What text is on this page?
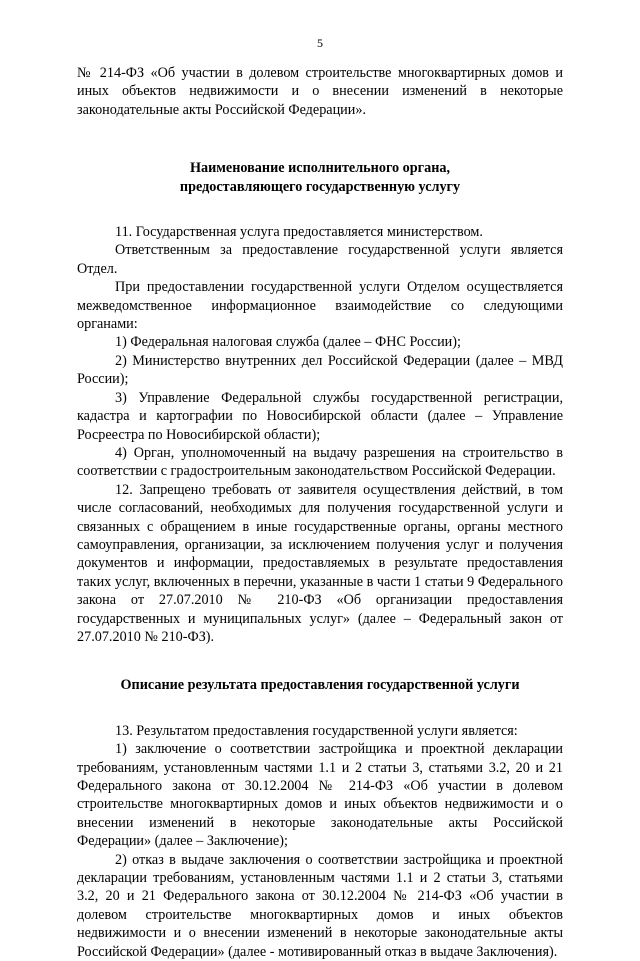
5

№ 214-ФЗ «Об участии в долевом строительстве многоквартирных домов и иных объектов недвижимости и о внесении изменений в некоторые законодательные акты Российской Федерации».

Наименование исполнительного органа,
предоставляющего государственную услугу

11. Государственная услуга предоставляется министерством.

Ответственным за предоставление государственной услуги является Отдел.

При предоставлении государственной услуги Отделом осуществляется межведомственное информационное взаимодействие со следующими органами:

1) Федеральная налоговая служба (далее – ФНС России);

2) Министерство внутренних дел Российской Федерации (далее – МВД России);

3) Управление Федеральной службы государственной регистрации, кадастра и картографии по Новосибирской области (далее – Управление Росреестра по Новосибирской области);

4) Орган, уполномоченный на выдачу разрешения на строительство в соответствии с градостроительным законодательством Российской Федерации.

12. Запрещено требовать от заявителя осуществления действий, в том числе согласований, необходимых для получения государственной услуги и связанных с обращением в иные государственные органы, органы местного самоуправления, организации, за исключением получения услуг и получения документов и информации, предоставляемых в результате предоставления таких услуг, включенных в перечни, указанные в части 1 статьи 9 Федерального закона от 27.07.2010 № 210-ФЗ «Об организации предоставления государственных и муниципальных услуг» (далее – Федеральный закон от 27.07.2010 № 210-ФЗ).

Описание результата предоставления государственной услуги

13. Результатом предоставления государственной услуги является:

1) заключение о соответствии застройщика и проектной декларации требованиям, установленным частями 1.1 и 2 статьи 3, статьями 3.2, 20 и 21 Федерального закона от 30.12.2004 № 214-ФЗ «Об участии в долевом строительстве многоквартирных домов и иных объектов недвижимости и о внесении изменений в некоторые законодательные акты Российской Федерации» (далее – Заключение);

2) отказ в выдаче заключения о соответствии застройщика и проектной декларации требованиям, установленным частями 1.1 и 2 статьи 3, статьями 3.2, 20 и 21 Федерального закона от 30.12.2004 № 214-ФЗ «Об участии в долевом строительстве многоквартирных домов и иных объектов недвижимости и о внесении изменений в некоторые законодательные акты Российской Федерации» (далее - мотивированный отказ в выдаче Заключения).
